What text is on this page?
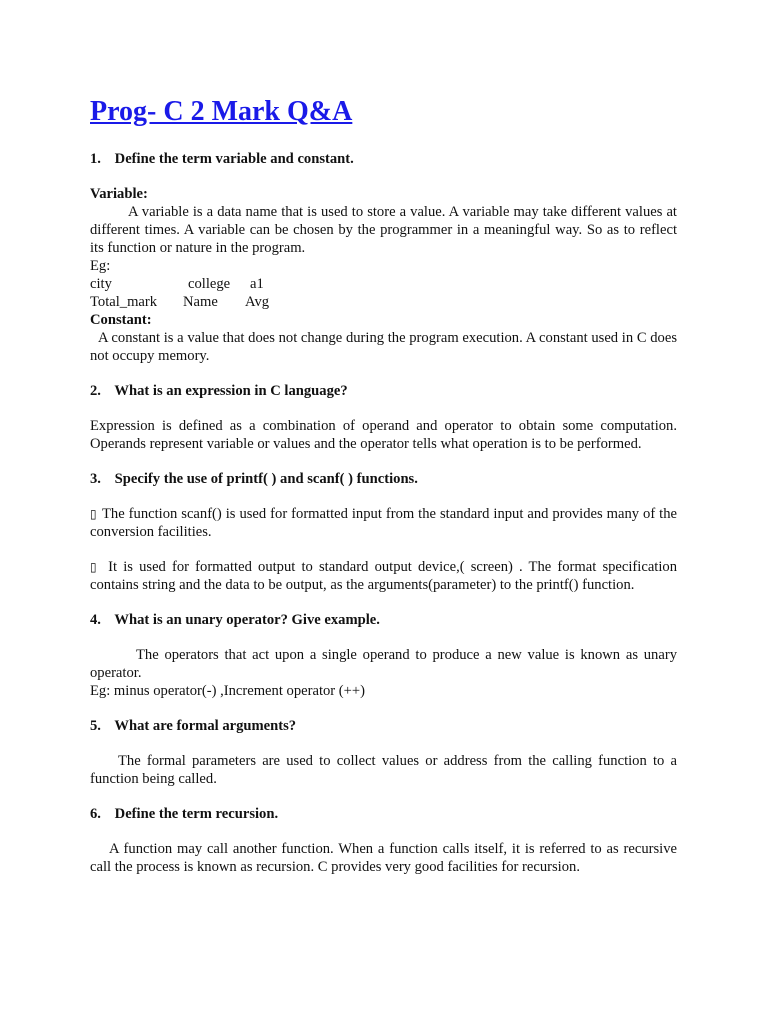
Prog- C 2 Mark Q&A

1. Define the term variable and constant.

Variable:

A variable is a data name that is used to store a value. A variable may take different values at different times. A variable can be chosen by the programmer in a meaningful way. So as to reflect its function or nature in the program.

Eg:

city	college a1
Total_mark Name Avg

Constant:

A constant is a value that does not change during the program execution. A constant used in C does not occupy memory.

2. What is an expression in C language?

Expression is defined as a combination of operand and operator to obtain some computation. Operands represent variable or values and the operator tells what operation is to be performed.

3. Specify the use of printf( ) and scanf( ) functions.

▯ The function scanf() is used for formatted input from the standard input and provides many of the conversion facilities.

▯ It is used for formatted output to standard output device,( screen) . The format specification contains string and the data to be output, as the arguments(parameter) to the printf() function.

4. What is an unary operator? Give example.

The operators that act upon a single operand to produce a new value is known as unary operator.

Eg: minus operator(-) ,Increment operator (++)

5. What are formal arguments?

The formal parameters are used to collect values or address from the calling function to a function being called.

6. Define the term recursion.

A function may call another function. When a function calls itself, it is referred to as recursive call the process is known as recursion. C provides very good facilities for recursion.
